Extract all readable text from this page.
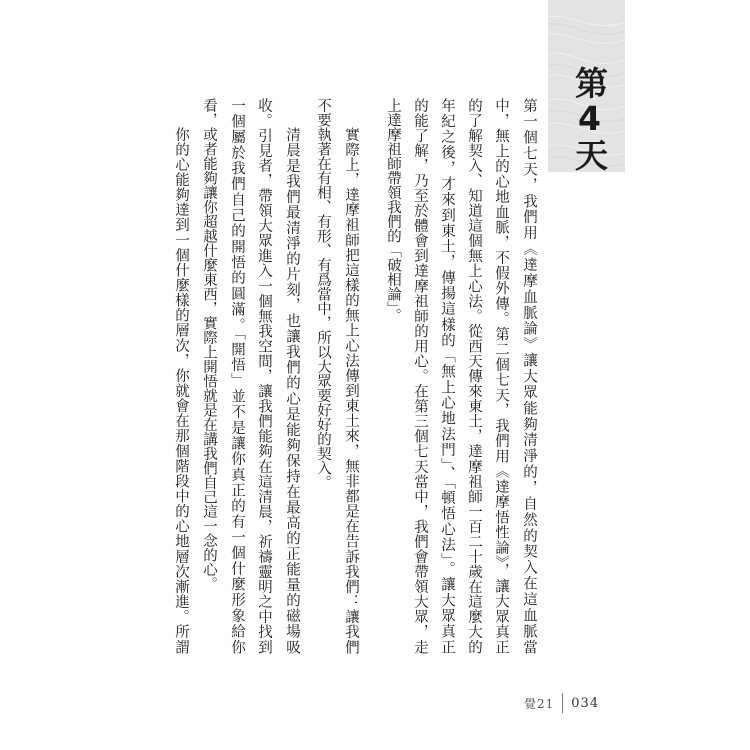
第4天
第一個七天，我們用《達摩血脈論》讓大眾能夠清淨的，自然的契入在這血脈當
中，無上的心地血脈，不假外傳。第二個七天，我們用《達摩悟性論》，讓大眾真正
的了解契入、知道這個無上心法。從西天傳來東土，達摩祖師一百二十歲在這麼大的
年紀之後，才來到東土，傳揚這樣的「無上心地法門」、「頓悟心法」。讓大眾真正
的能了解，乃至於體會到達摩祖師的用心。在第三個七天當中，我們會帶領大眾，走
上達摩祖師帶領我們的「破相論」。
實際上，達摩祖師把這樣的無上心法傳到東土來，無非都是在告訴我們：讓我們
不要執著在有相、有形、有爲當中，所以大眾要好好的契入。
清晨是我們最清淨的片刻，也讓我們的心是能夠保持在最高的正能量的磁場吸
收。引見者，帶領大眾進入一個無我空間，讓我們能夠在這清晨，祈禱靈明之中找到
一個屬於我們自己的開悟的圓滿。「開悟」並不是讓你真正的有一個什麼形象給你
看，或者能夠讓你超越什麼東西，實際上開悟就是在講我們自己這一念的心。
你的心能夠達到一個什麼樣的層次，你就會在那個階段中的心地層次漸進。所謂
覺21 034
